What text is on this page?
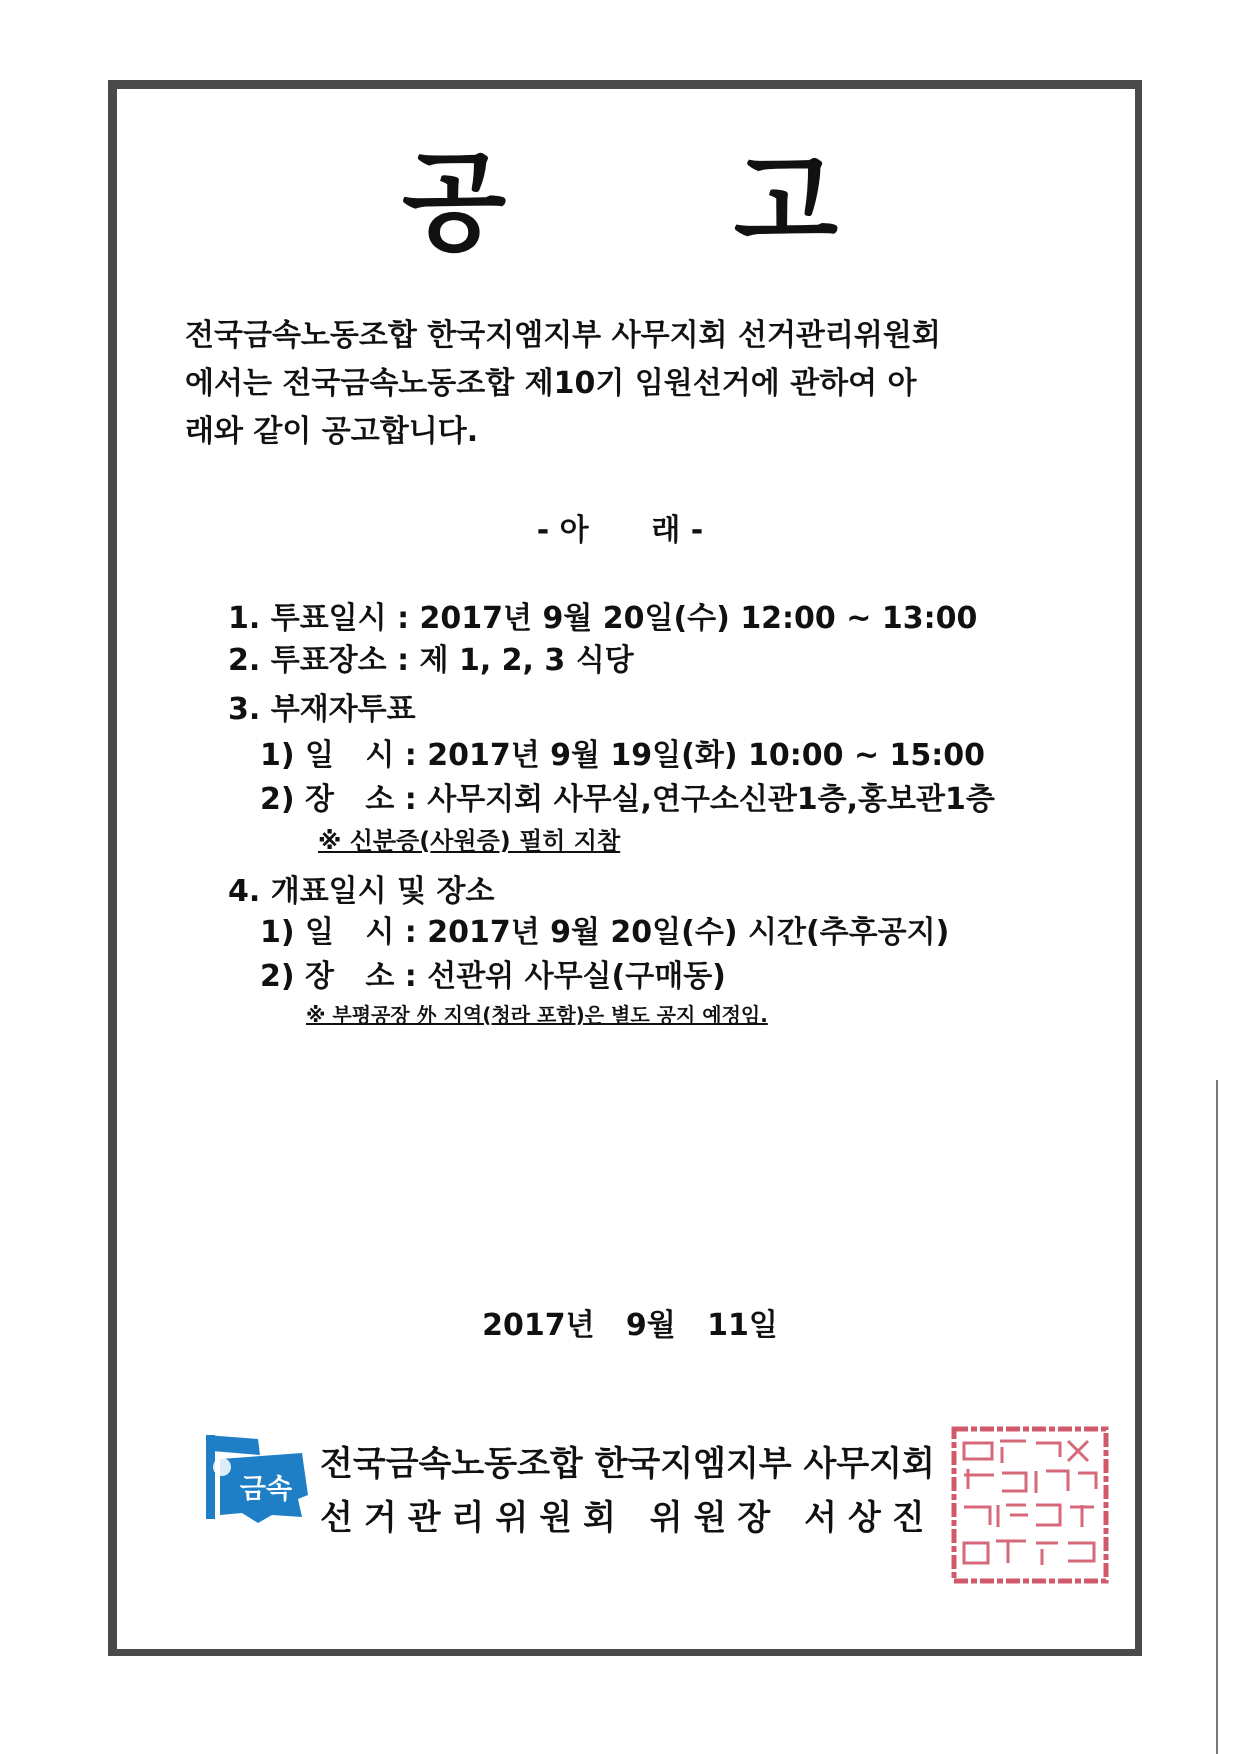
공 고
전국금속노동조합 한국지엠지부 사무지회 선거관리위원회
에서는 전국금속노동조합 제10기 임원선거에 관하여 아
래와 같이 공고합니다.
- 아      래 -
1. 투표일시 : 2017년 9월 20일(수) 12:00 ~ 13:00
2. 투표장소 : 제 1, 2, 3 식당
3. 부재자투표
1) 일   시 : 2017년 9월 19일(화) 10:00 ~ 15:00
2) 장   소 : 사무지회 사무실,연구소신관1층,홍보관1층
※ 신분증(사원증) 필히 지참
4. 개표일시 및 장소
1) 일   시 : 2017년 9월 20일(수) 시간(추후공지)
2) 장   소 : 선관위 사무실(구매동)
※ 부평공장 外 지역(청라 포함)은 별도 공지 예정임.
2017년   9월   11일
금속
전국금속노동조합 한국지엠지부 사무지회
선거관리위원회 위원장 서상진
